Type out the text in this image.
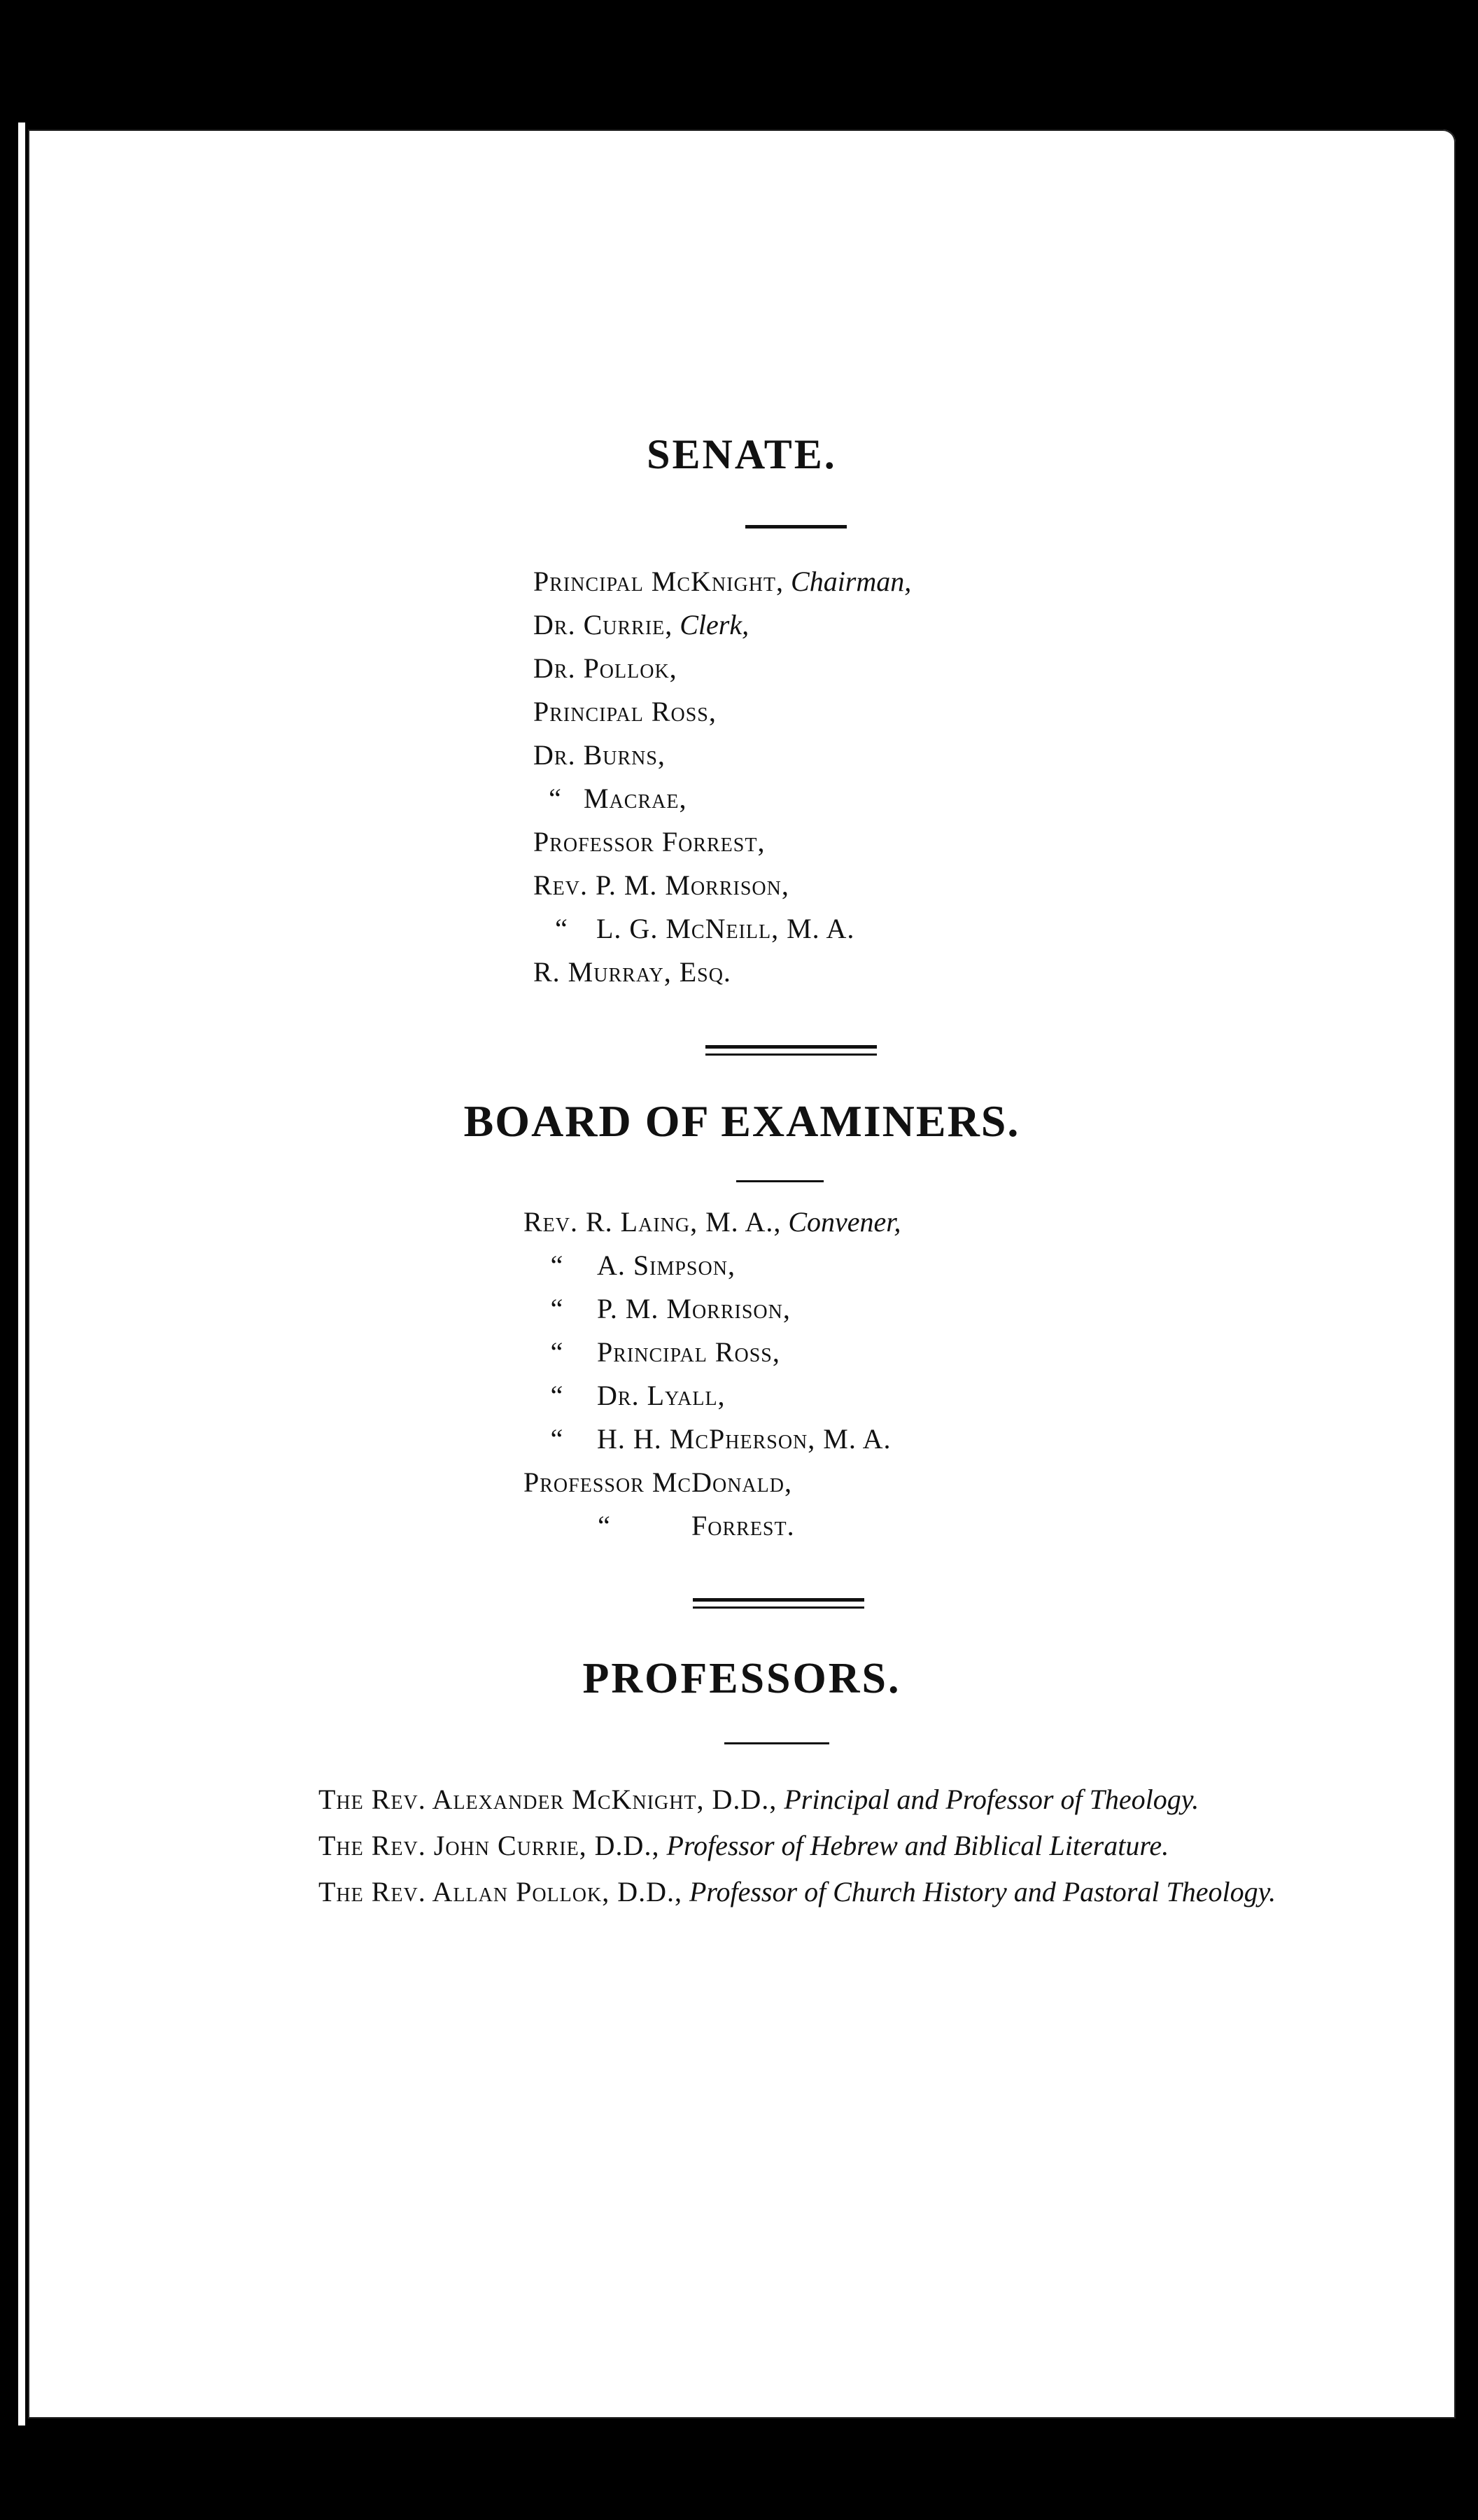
SENATE.
Principal McKnight, Chairman,
Dr. Currie, Clerk,
Dr. Pollok,
Principal Ross,
Dr. Burns,
“ Macrae,
Professor Forrest,
Rev. P. M. Morrison,
“ L. G. McNeill, M. A.
R. Murray, Esq.
BOARD OF EXAMINERS.
Rev. R. Laing, M. A., Convener,
“ A. Simpson,
“ P. M. Morrison,
“ Principal Ross,
“ Dr. Lyall,
“ H. H. McPherson, M. A.
Professor McDonald,
“	Forrest.
PROFESSORS.

The Rev. Alexander McKnight, D.D., Principal and Professor of Theology.

The Rev. John Currie, D.D., Professor of Hebrew and Biblical Literature.

The Rev. Allan Pollok, D.D., Professor of Church History and Pastoral Theology.
